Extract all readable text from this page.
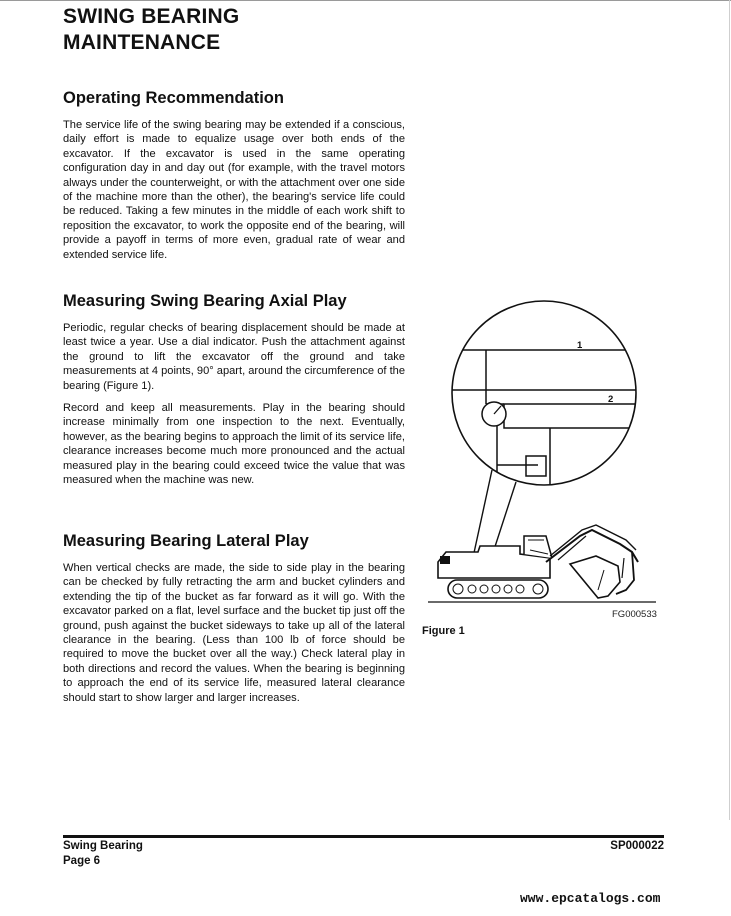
SWING BEARING
MAINTENANCE
Operating Recommendation

The service life of the swing bearing may be extended if a conscious, daily effort is made to equalize usage over both ends of the excavator. If the excavator is used in the same operating configuration day in and day out (for example, with the travel motors always under the counterweight, or with the attachment over one side of the machine more than the other), the bearing's service life could be reduced. Taking a few minutes in the middle of each work shift to reposition the excavator, to work the opposite end of the bearing, will provide a payoff in terms of more even, gradual rate of wear and extended service life.

Measuring Swing Bearing Axial Play

Periodic, regular checks of bearing displacement should be made at least twice a year. Use a dial indicator. Push the attachment against the ground to lift the excavator off the ground and take measurements at 4 points, 90° apart, around the circumference of the bearing (Figure 1).

Record and keep all measurements. Play in the bearing should increase minimally from one inspection to the next. Eventually, however, as the bearing begins to approach the limit of its service life, clearance increases become much more pronounced and the actual measured play in the bearing could exceed twice the value that was measured when the machine was new.

Measuring Bearing Lateral Play

When vertical checks are made, the side to side play in the bearing can be checked by fully retracting the arm and bucket cylinders and extending the tip of the bucket as far forward as it will go. With the excavator parked on a flat, level surface and the bucket tip just off the ground, push against the bucket sideways to take up all of the lateral clearance in the bearing. (Less than 100 lb of force should be required to move the bucket over all the way.) Check lateral play in both directions and record the values. When the bearing is beginning to approach the end of its service life, measured lateral clearance should start to show larger and larger increases.

1
2
FG000533
Figure 1
Swing Bearing
Page 6
SP000022
www.epcatalogs.com
